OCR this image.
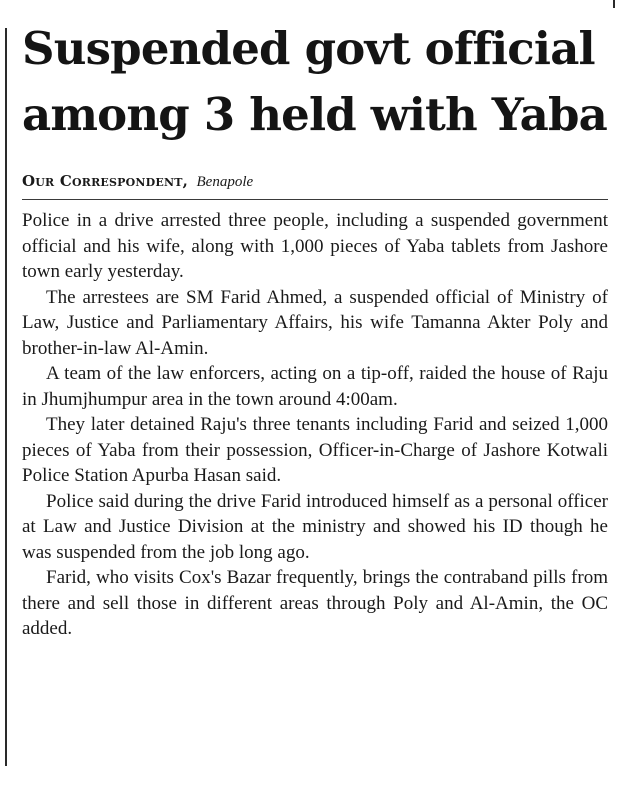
Suspended govt official among 3 held with Yaba
Our Correspondent, Benapole

Police in a drive arrested three people, including a suspended government official and his wife, along with 1,000 pieces of Yaba tablets from Jashore town early yesterday.

The arrestees are SM Farid Ahmed, a suspended official of Ministry of Law, Justice and Parliamentary Affairs, his wife Tamanna Akter Poly and brother-in-law Al-Amin.

A team of the law enforcers, acting on a tip-off, raided the house of Raju in Jhumjhumpur area in the town around 4:00am.

They later detained Raju's three tenants including Farid and seized 1,000 pieces of Yaba from their possession, Officer-in-Charge of Jashore Kotwali Police Station Apurba Hasan said.

Police said during the drive Farid introduced himself as a personal officer at Law and Justice Division at the ministry and showed his ID though he was suspended from the job long ago.

Farid, who visits Cox's Bazar frequently, brings the contraband pills from there and sell those in different areas through Poly and Al-Amin, the OC added.
